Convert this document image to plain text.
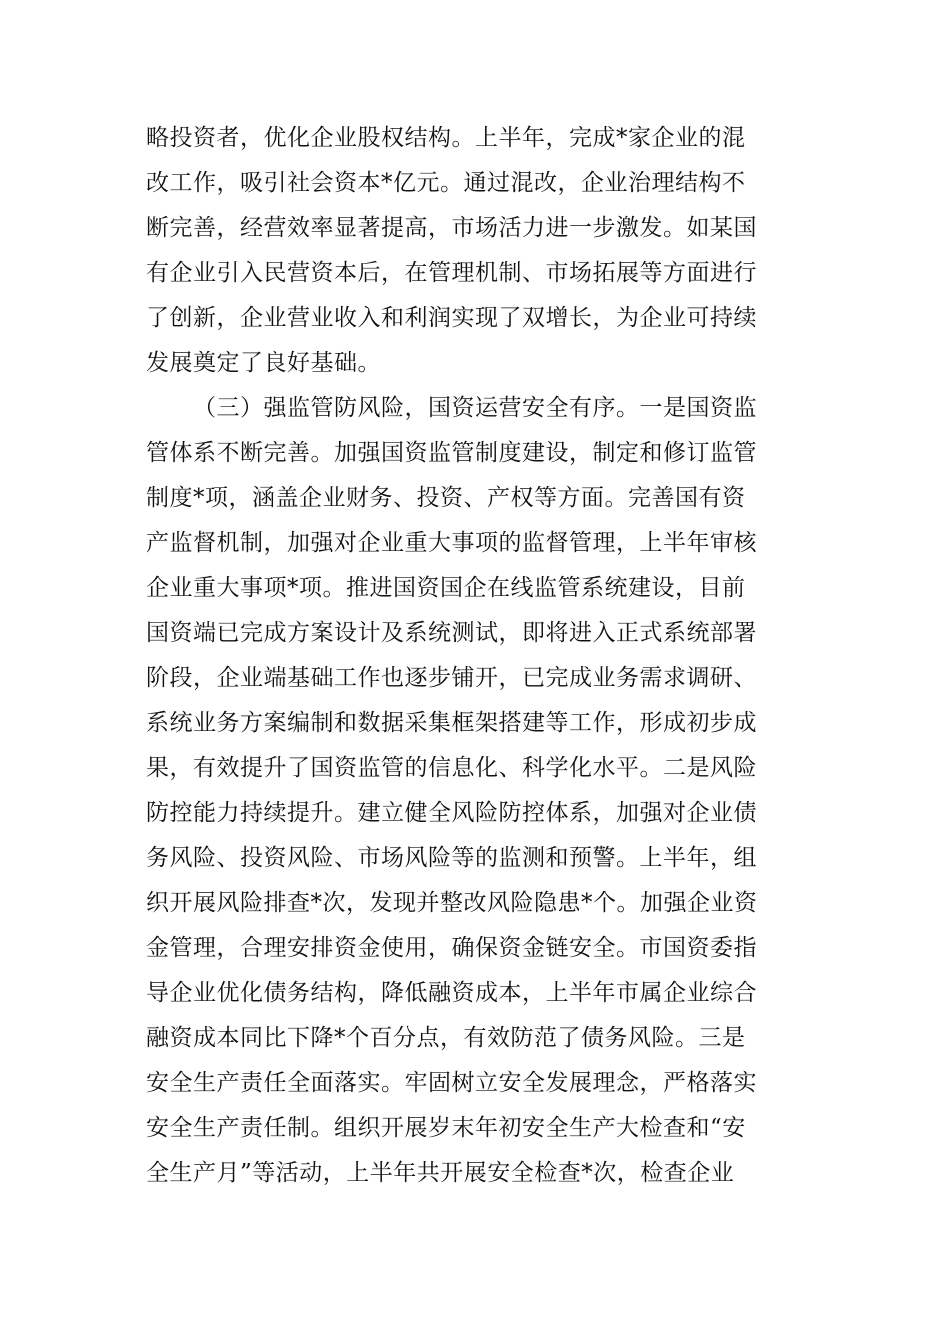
略投资者，优化企业股权结构。上半年，完成*家企业的混
改工作，吸引社会资本*亿元。通过混改，企业治理结构不
断完善，经营效率显著提高，市场活力进一步激发。如某国
有企业引入民营资本后，在管理机制、市场拓展等方面进行
了创新，企业营业收入和利润实现了双增长，为企业可持续
发展奠定了良好基础。
（三）强监管防风险，国资运营安全有序。一是国资监
管体系不断完善。加强国资监管制度建设，制定和修订监管
制度*项，涵盖企业财务、投资、产权等方面。完善国有资
产监督机制，加强对企业重大事项的监督管理，上半年审核
企业重大事项*项。推进国资国企在线监管系统建设，目前
国资端已完成方案设计及系统测试，即将进入正式系统部署
阶段，企业端基础工作也逐步铺开，已完成业务需求调研、
系统业务方案编制和数据采集框架搭建等工作，形成初步成
果，有效提升了国资监管的信息化、科学化水平。二是风险
防控能力持续提升。建立健全风险防控体系，加强对企业债
务风险、投资风险、市场风险等的监测和预警。上半年，组
织开展风险排查*次，发现并整改风险隐患*个。加强企业资
金管理，合理安排资金使用，确保资金链安全。市国资委指
导企业优化债务结构，降低融资成本，上半年市属企业综合
融资成本同比下降*个百分点，有效防范了债务风险。三是
安全生产责任全面落实。牢固树立安全发展理念，严格落实
安全生产责任制。组织开展岁末年初安全生产大检查和“安
全生产月”等活动，上半年共开展安全检查*次，检查企业
